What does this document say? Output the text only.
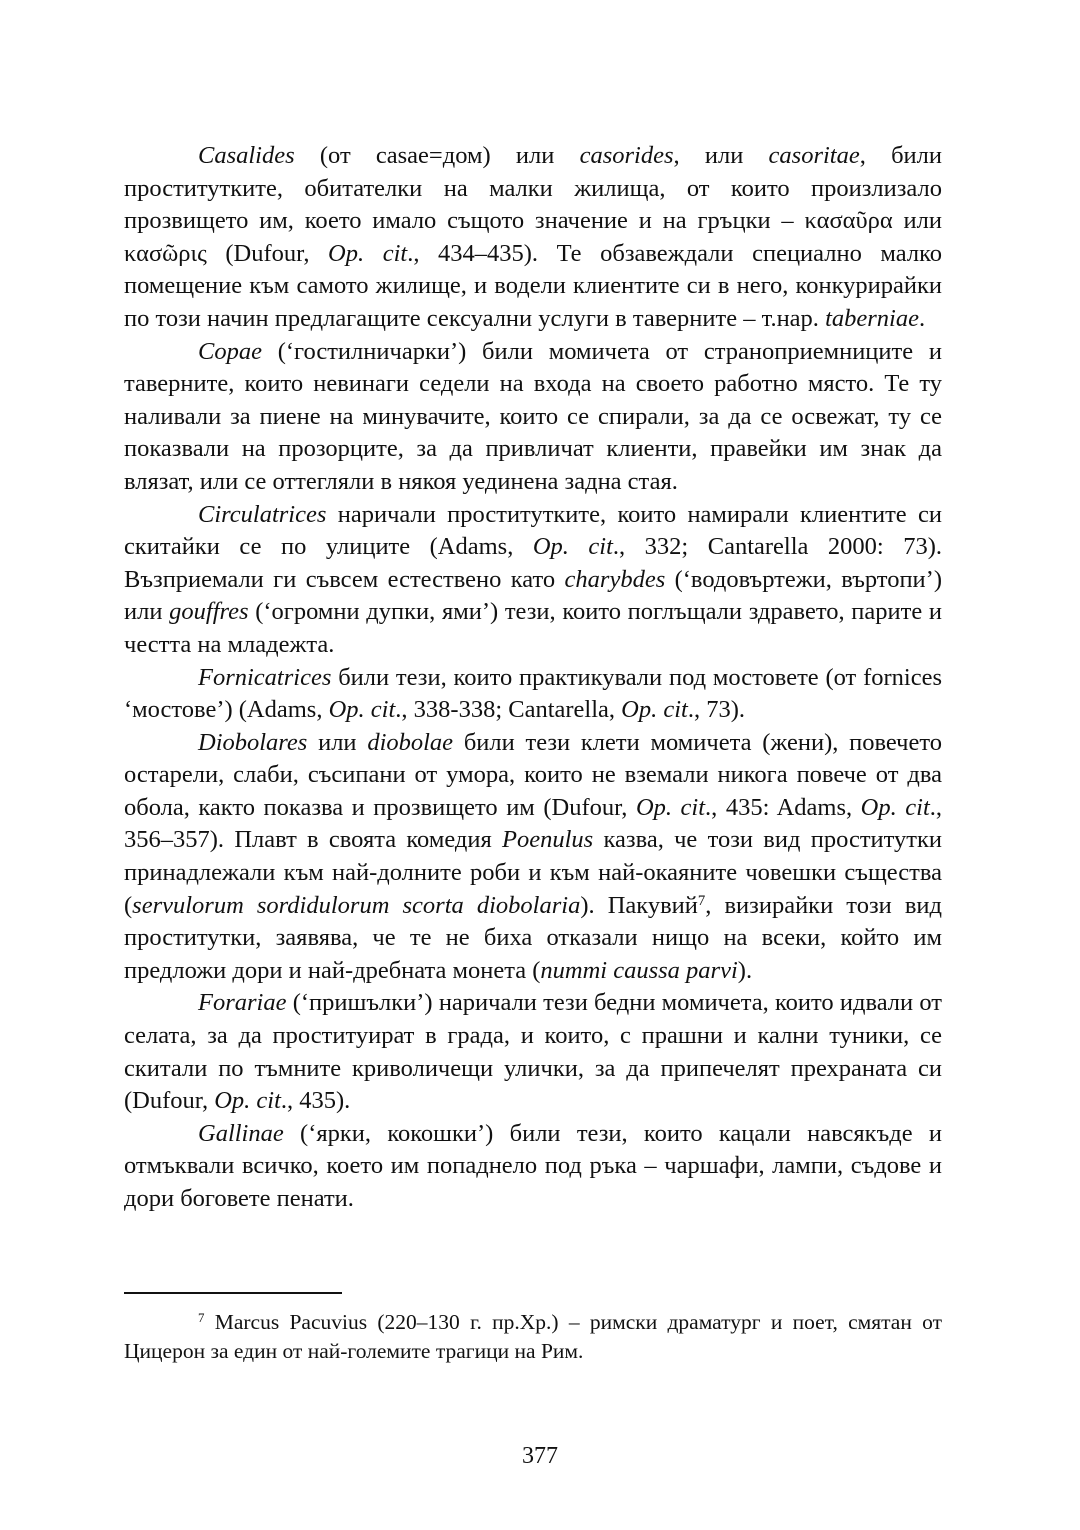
Casalides (от casae=дом) или casorides, или casoritae, били проститутките, обитателки на малки жилища, от които произлизало прозвището им, което имало същото значение и на гръцки – κασαῦρα или κασῶρις (Dufour, Op. cit., 434–435). Те обзавеждали специално малко помещение към самото жилище, и водели клиентите си в него, конкурирайки по този начин предлагащите сексуални услуги в таверните – т.нар. taberniae.

Copae (‘гостилничарки’) били момичета от страноприемниците и таверните, които невинаги седели на входа на своето работно място. Те ту наливали за пиене на минувачите, които се спирали, за да се освежат, ту се показвали на прозорците, за да привличат клиенти, правейки им знак да влязат, или се оттегляли в някоя уединена задна стая.

Circulatrices наричали проститутките, които намирали клиентите си скитайки се по улиците (Adams, Op. cit., 332; Cantarella 2000: 73). Възприемали ги съвсем естествено като charybdes (‘водовъртежи, въртопи’) или gouffres (‘огромни дупки, ями’) тези, които поглъщали здравето, парите и честта на младежта.

Fornicatrices били тези, които практикували под мостовете (от fornices ‘мостове’) (Adams, Op. cit., 338-338; Cantarella, Op. cit., 73).

Diobolares или diobolae били тези клети момичета (жени), повечето остарели, слаби, съсипани от умора, които не вземали никога повече от два обола, както показва и прозвището им (Dufour, Op. cit., 435: Adams, Op. cit., 356–357). Плавт в своята комедия Poenulus казва, че този вид проститутки принадлежали към най-долните роби и към най-окаяните човешки същества (servulorum sordidulorum scorta diobolaria). Пакувий$^7$, визирайки този вид проститутки, заявява, че те не биха отказали нищо на всеки, който им предложи дори и най-дребната монета (nummi caussa parvi).

Forariae (‘пришълки’) наричали тези бедни момичета, които идвали от селата, за да проституират в града, и които, с прашни и кални туники, се скитали по тъмните криволичещи улички, за да припечелят прехраната си (Dufour, Op. cit., 435).

Gallinae (‘ярки, кокошки’) били тези, които кацали навсякъде и отмъквали всичко, което им попаднело под ръка – чаршафи, лампи, съдове и дори боговете пенати.

$^7$ Marcus Pacuvius (220–130 г. пр.Хр.) – римски драматург и поет, смятан от Цицерон за един от най-големите трагици на Рим.

377
